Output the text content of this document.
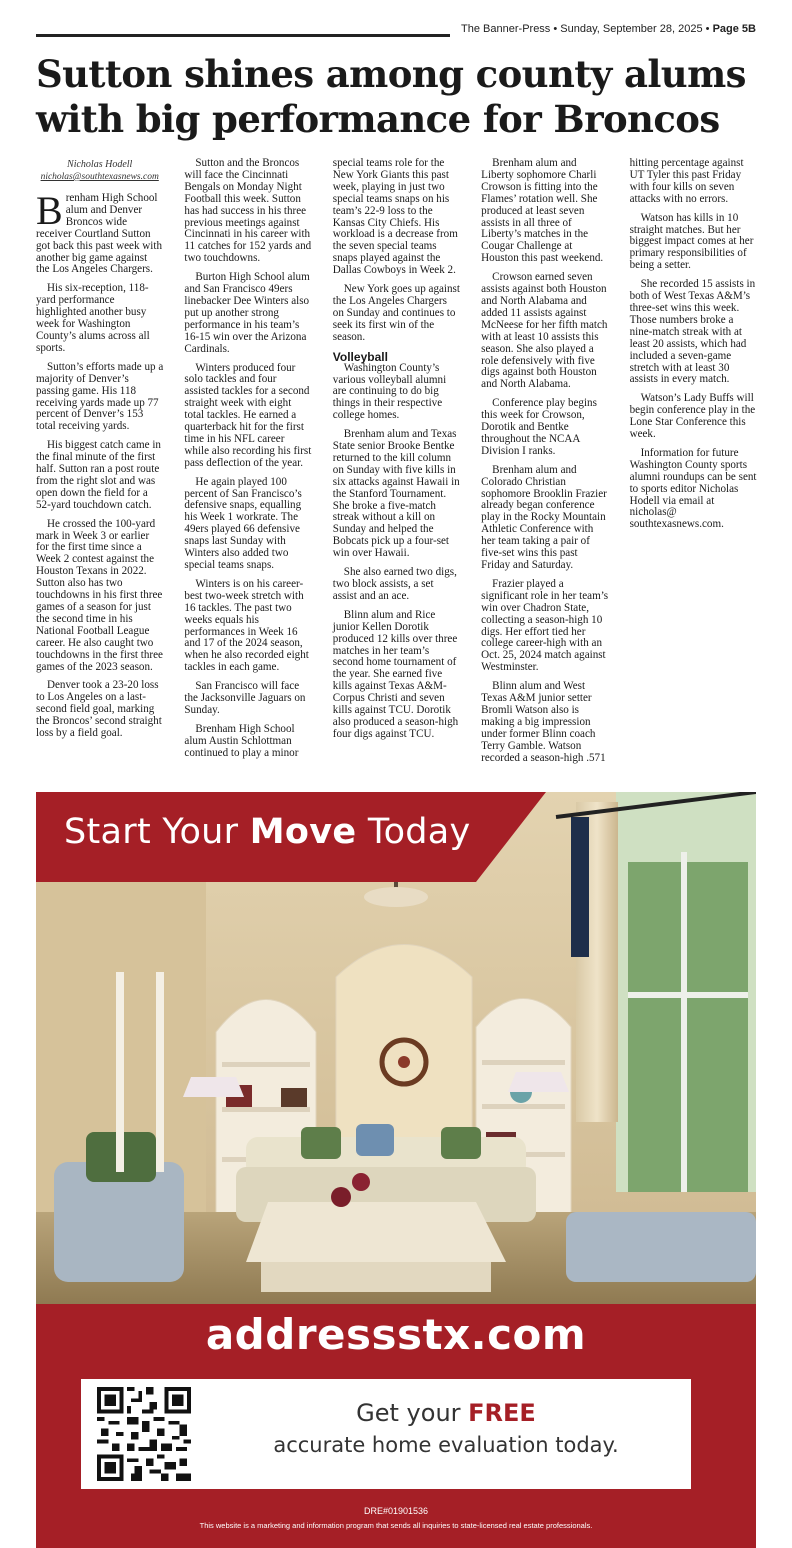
The Banner-Press • Sunday, September 28, 2025 • Page 5B
Sutton shines among county alums with big performance for Broncos
Nicholas Hodell
nicholas@southtexasnews.com

Brenham High School alum and Denver Broncos wide receiver Courtland Sutton got back this past week with another big game against the Los Angeles Chargers.

His six-reception, 118-yard performance highlighted another busy week for Washington County’s alums across all sports.

Sutton’s efforts made up a majority of Denver’s passing game. His 118 receiving yards made up 77 percent of Denver’s 153 total receiving yards.

His biggest catch came in the final minute of the first half. Sutton ran a post route from the right slot and was open down the field for a 52-yard touchdown catch.

He crossed the 100-yard mark in Week 3 or earlier for the first time since a Week 2 contest against the Houston Texans in 2022. Sutton also has two touchdowns in his first three games of a season for just the second time in his National Football League career. He also caught two touchdowns in the first three games of the 2023 season.

Denver took a 23-20 loss to Los Angeles on a last-second field goal, marking the Broncos’ second straight loss by a field goal.

Sutton and the Broncos will face the Cincinnati Bengals on Monday Night Football this week. Sutton has had success in his three previous meetings against Cincinnati in his career with 11 catches for 152 yards and two touchdowns.

Burton High School alum and San Francisco 49ers linebacker Dee Winters also put up another strong performance in his team’s 16-15 win over the Arizona Cardinals.

Winters produced four solo tackles and four assisted tackles for a second straight week with eight total tackles. He earned a quarterback hit for the first time in his NFL career while also recording his first pass deflection of the year.

He again played 100 percent of San Francisco’s defensive snaps, equalling his Week 1 workrate. The 49ers played 66 defensive snaps last Sunday with Winters also added two special teams snaps.

Winters is on his career-best two-week stretch with 16 tackles. The past two weeks equals his performances in Week 16 and 17 of the 2024 season, when he also recorded eight tackles in each game.

San Francisco will face the Jacksonville Jaguars on Sunday.

Brenham High School alum Austin Schlottman continued to play a minor special teams role for the New York Giants this past week, playing in just two special teams snaps on his team’s 22-9 loss to the Kansas City Chiefs. His workload is a decrease from the seven special teams snaps played against the Dallas Cowboys in Week 2.

New York goes up against the Los Angeles Chargers on Sunday and continues to seek its first win of the season.

Volleyball

Washington County’s various volleyball alumni are continuing to do big things in their respective college homes.

Brenham alum and Texas State senior Brooke Bentke returned to the kill column on Sunday with five kills in six attacks against Hawaii in the Stanford Tournament. She broke a five-match streak without a kill on Sunday and helped the Bobcats pick up a four-set win over Hawaii.

She also earned two digs, two block assists, a set assist and an ace.

Blinn alum and Rice junior Kellen Dorotik produced 12 kills over three matches in her team’s second home tournament of the year. She earned five kills against Texas A&M-Corpus Christi and seven kills against TCU. Dorotik also produced a season-high four digs against TCU.

Brenham alum and Liberty sophomore Charli Crowson is fitting into the Flames’ rotation well. She produced at least seven assists in all three of Liberty’s matches in the Cougar Challenge at Houston this past weekend.

Crowson earned seven assists against both Houston and North Alabama and added 11 assists against McNeese for her fifth match with at least 10 assists this season. She also played a role defensively with five digs against both Houston and North Alabama.

Conference play begins this week for Crowson, Dorotik and Bentke throughout the NCAA Division I ranks.

Brenham alum and Colorado Christian sophomore Brooklin Frazier already began conference play in the Rocky Mountain Athletic Conference with her team taking a pair of five-set wins this past Friday and Saturday.

Frazier played a significant role in her team’s win over Chadron State, collecting a season-high 10 digs. Her effort tied her college career-high with an Oct. 25, 2024 match against Westminster.

Blinn alum and West Texas A&M junior setter Bromli Watson also is making a big impression under former Blinn coach Terry Gamble. Watson recorded a season-high .571 hitting percentage against UT Tyler this past Friday with four kills on seven attacks with no errors.

Watson has kills in 10 straight matches. But her biggest impact comes at her primary responsibilities of being a setter.

She recorded 15 assists in both of West Texas A&M’s three-set wins this week. Those numbers broke a nine-match streak with at least 20 assists, which had included a seven-game stretch with at least 30 assists in every match.

Watson’s Lady Buffs will begin conference play in the Lone Star Conference this week.

Information for future Washington County sports alumni roundups can be sent to sports editor Nicholas Hodell via email at nicholas@ southtexasnews.com.

Start Your Move Today
addressstx.com
Get your FREE
accurate home evaluation today.
DRE#01901536
This website is a marketing and information program that sends all inquiries to state-licensed real estate professionals.
